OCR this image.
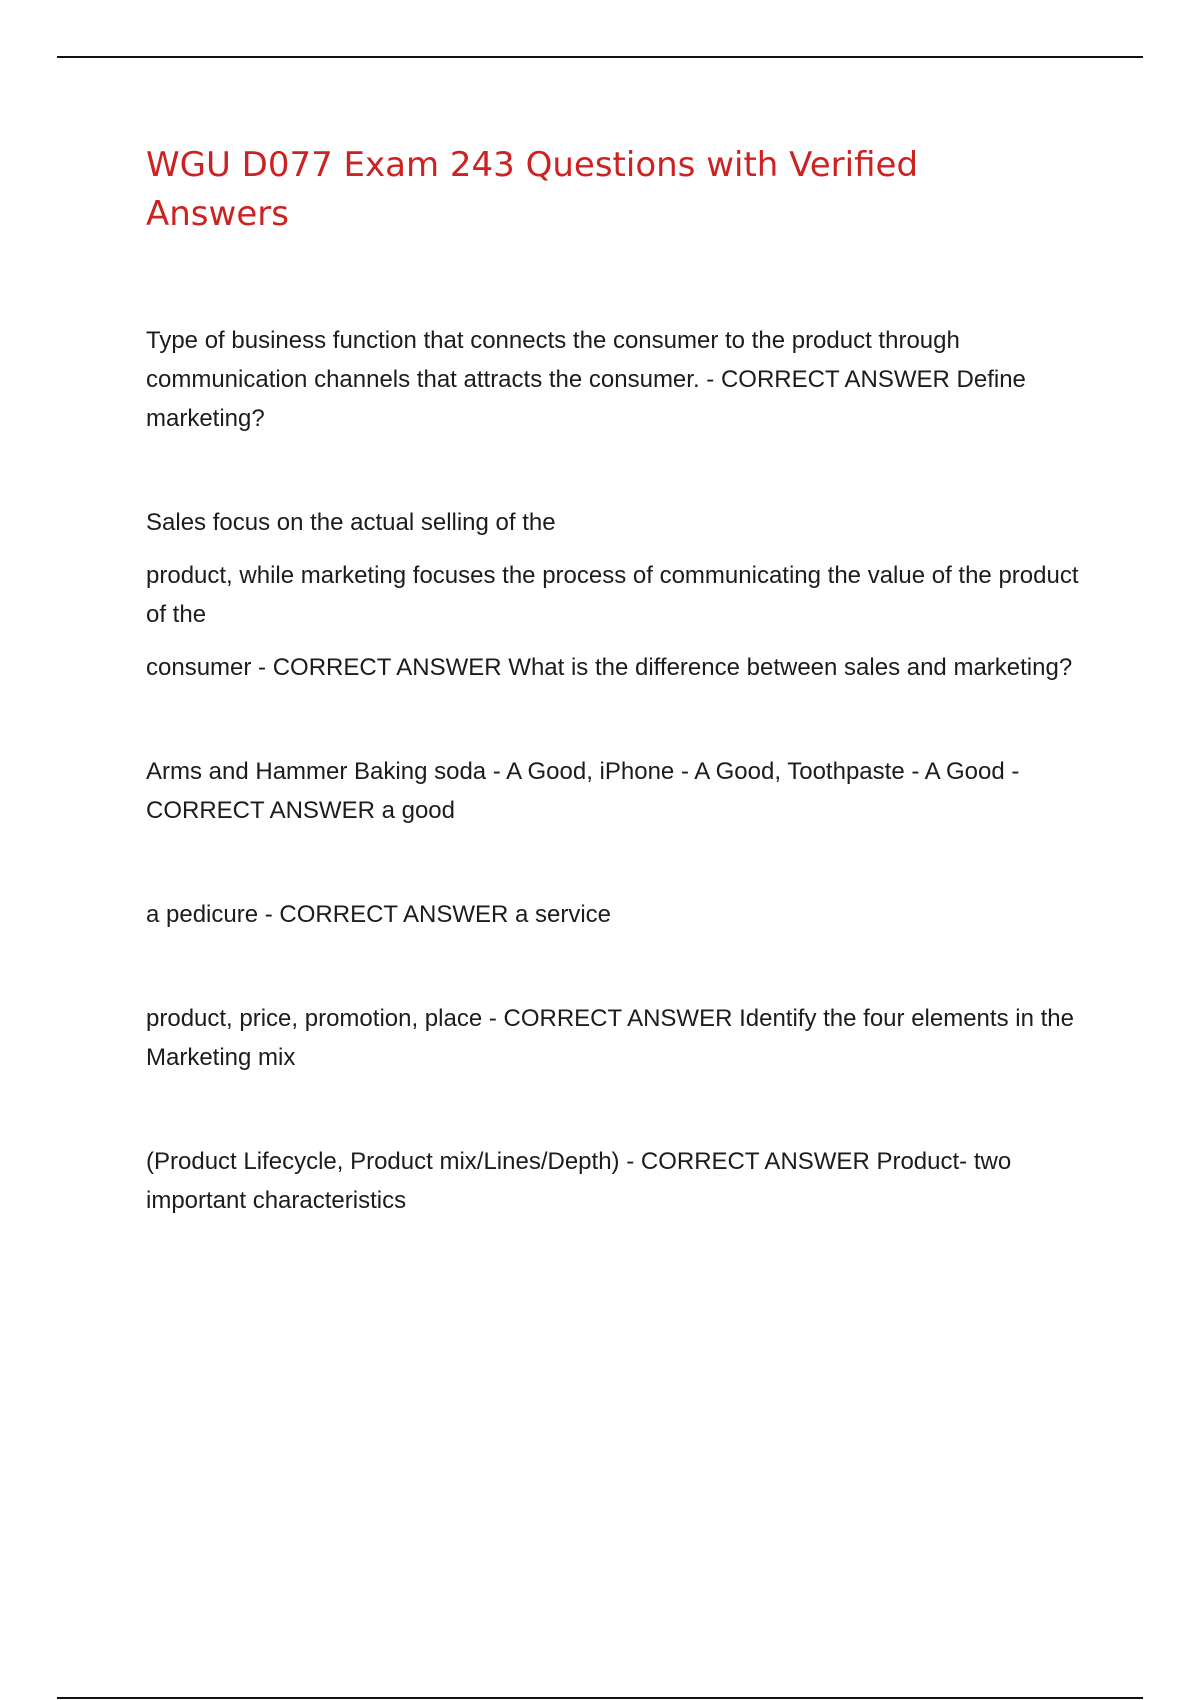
WGU D077 Exam 243 Questions with Verified Answers

Type of business function that connects the consumer to the product through communication channels that attracts the consumer. - CORRECT ANSWER Define marketing?

Sales focus on the actual selling of the

product, while marketing focuses the process of communicating the value of the product of the

consumer - CORRECT ANSWER What is the difference between sales and marketing?

Arms and Hammer Baking soda - A Good, iPhone - A Good, Toothpaste - A Good - CORRECT ANSWER a good

a pedicure - CORRECT ANSWER a service

product, price, promotion, place - CORRECT ANSWER Identify the four elements in the Marketing mix

(Product Lifecycle, Product mix/Lines/Depth) - CORRECT ANSWER Product- two important characteristics
